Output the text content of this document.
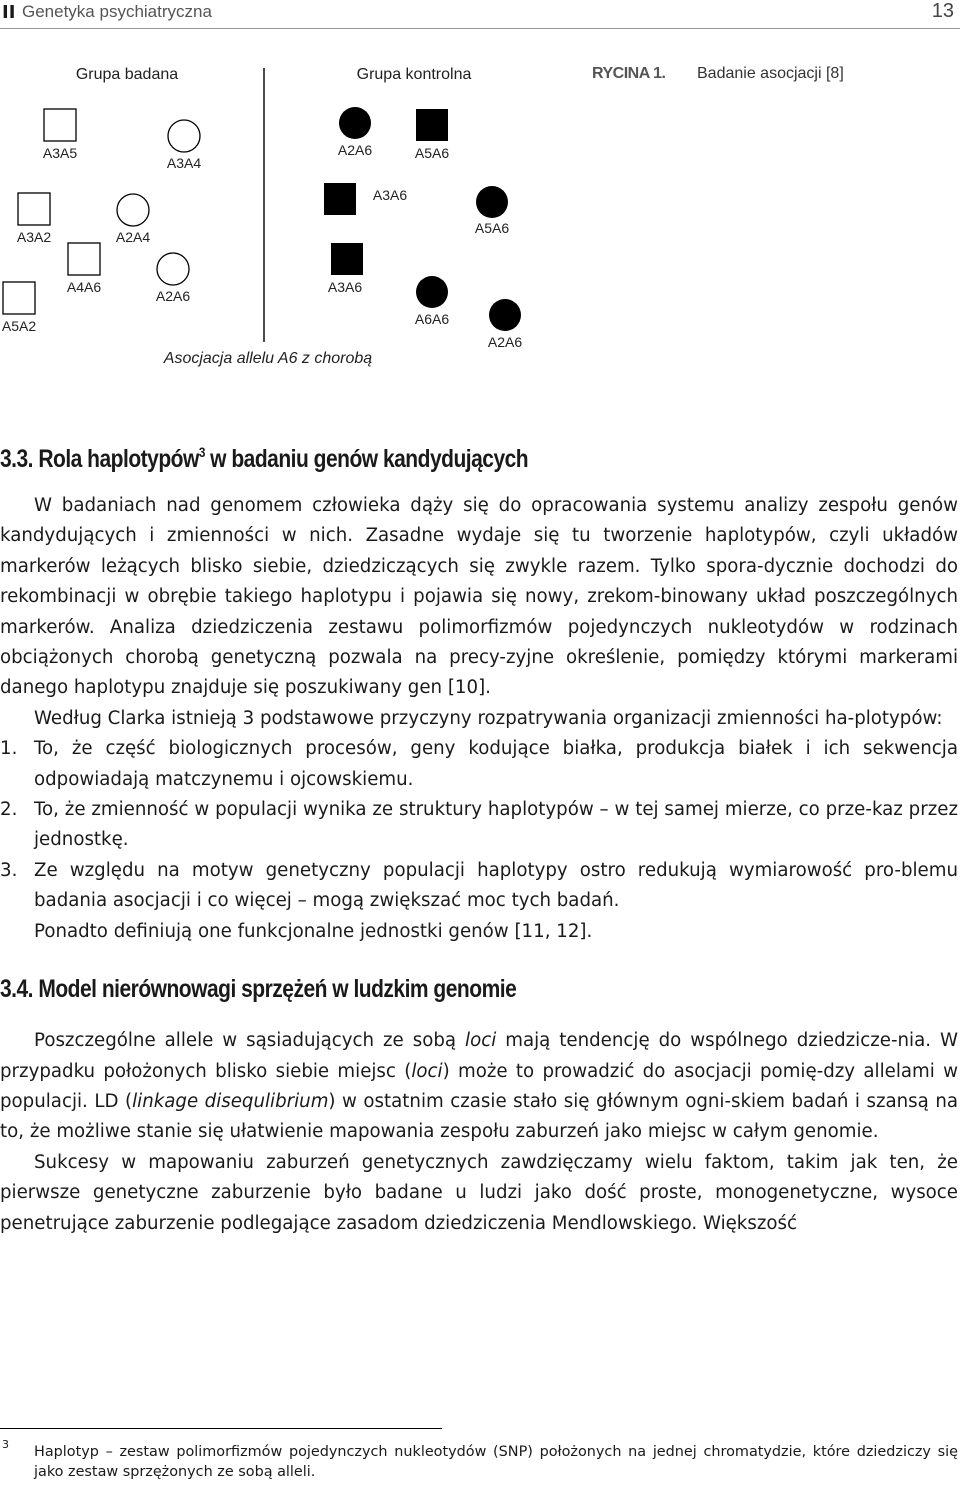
II Genetyka psychiatryczna	13
Grupa badana	Grupa kontrolna	RYCINA 1. Badanie asocjacji [8]
Asocjacja allelu A6 z chorobą
A3A5
A3A4
A3A2	A2A4
A4A6
A2A6
A5A2
A2A6	A5A6
A3A6
A5A6
A3A6
A6A6
A2A6
3.3. Rola haplotypów$^3$ w badaniu genów kandydujących

W badaniach nad genomem człowieka dąży się do opracowania systemu analizy zespołu genów kandydujących i zmienności w nich. Zasadne wydaje się tu tworzenie haplotypów, czyli układów markerów leżących blisko siebie, dziedziczących się zwykle razem. Tylko spora-dycznie dochodzi do rekombinacji w obrębie takiego haplotypu i pojawia się nowy, zrekom-binowany układ poszczególnych markerów. Analiza dziedziczenia zestawu polimorfizmów pojedynczych nukleotydów w rodzinach obciążonych chorobą genetyczną pozwala na precy-zyjne określenie, pomiędzy którymi markerami danego haplotypu znajduje się poszukiwany gen [10].

Według Clarka istnieją 3 podstawowe przyczyny rozpatrywania organizacji zmienności ha-plotypów:

1. To, że część biologicznych procesów, geny kodujące białka, produkcja białek i ich sekwencja odpowiadają matczynemu i ojcowskiemu.
2. To, że zmienność w populacji wynika ze struktury haplotypów – w tej samej mierze, co prze-kaz przez jednostkę.
3. Ze względu na motyw genetyczny populacji haplotypy ostro redukują wymiarowość pro-blemu badania asocjacji i co więcej – mogą zwiększać moc tych badań.
Ponadto definiują one funkcjonalne jednostki genów [11, 12].
3.4. Model nierównowagi sprzężeń w ludzkim genomie

Poszczególne allele w sąsiadujących ze sobą loci mają tendencję do wspólnego dziedzicze-nia. W przypadku położonych blisko siebie miejsc (loci) może to prowadzić do asocjacji pomię-dzy allelami w populacji. LD (linkage disequlibrium) w ostatnim czasie stało się głównym ogni-skiem badań i szansą na to, że możliwe stanie się ułatwienie mapowania zespołu zaburzeń jako miejsc w całym genomie.

Sukcesy w mapowaniu zaburzeń genetycznych zawdzięczamy wielu faktom, takim jak ten, że pierwsze genetyczne zaburzenie było badane u ludzi jako dość proste, monogenetyczne, wysoce penetrujące zaburzenie podlegające zasadom dziedziczenia Mendlowskiego. Większość

3 Haplotyp – zestaw polimorfizmów pojedynczych nukleotydów (SNP) położonych na jednej chromatydzie, które dziedziczy się jako zestaw sprzężonych ze sobą alleli.
